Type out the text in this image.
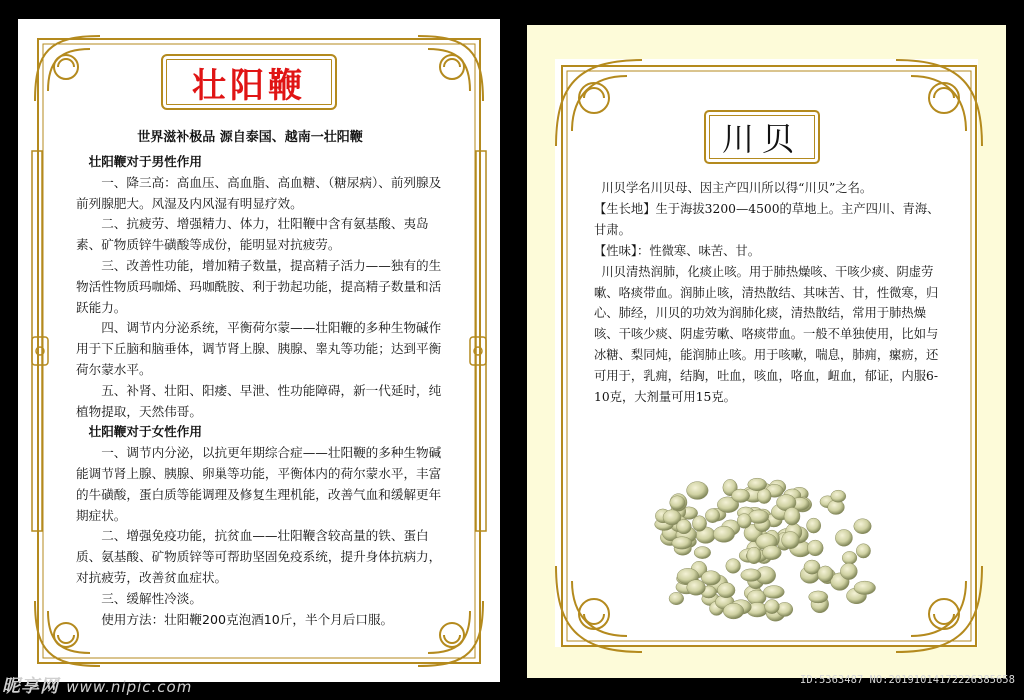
壮阳鞭
世界滋补极品 源自泰国、越南一壮阳鞭

壮阳鞭对于男性作用

一、降三高：高血压、高血脂、高血糖、（糖尿病）、前列腺及前列腺肥大。风湿及内风湿有明显疗效。

二、抗疲劳、增强精力、体力，壮阳鞭中含有氨基酸、夷岛素、矿物质锌牛磺酸等成份，能明显对抗疲劳。

三、改善性功能，增加精子数量，提高精子活力——独有的生物活性物质玛咖烯、玛咖酰胺、利于勃起功能，提高精子数量和活跃能力。

四、调节内分泌系统，平衡荷尔蒙——壮阳鞭的多种生物碱作用于下丘脑和脑垂体，调节肾上腺、胰腺、睾丸等功能；达到平衡荷尔蒙水平。

五、补肾、壮阳、阳痿、早泄、性功能障碍，新一代延时，纯植物提取，天然伟哥。

壮阳鞭对于女性作用

一、调节内分泌，以抗更年期综合症——壮阳鞭的多种生物碱能调节肾上腺、胰腺、卵巢等功能，平衡体内的荷尔蒙水平，丰富的牛磺酸，蛋白质等能调理及修复生理机能，改善气血和缓解更年期症状。

二、增强免疫功能，抗贫血——壮阳鞭含较高量的铁、蛋白质、氨基酸、矿物质锌等可帮助坚固免疫系统，提升身体抗病力，对抗疲劳，改善贫血症状。

三、缓解性冷淡。

使用方法：壮阳鞭200克泡酒10斤，半个月后口服。

川贝

川贝学名川贝母、因主产四川所以得“川贝”之名。

【生长地】生于海拔3200—4500的草地上。主产四川、青海、甘肃。

【性味】：性微寒、味苦、甘。

川贝清热润肺，化痰止咳。用于肺热燥咳、干咳少痰、阴虚劳嗽、咯痰带血。润肺止咳，清热散结、其味苦、甘，性微寒，归心、肺经，川贝的功效为润肺化痰，清热散结，常用于肺热燥咳、干咳少痰、阴虚劳嗽、咯痰带血。一般不单独使用，比如与冰糖、梨同炖，能润肺止咳。用于咳嗽，喘息，肺痈，瘰疬，还可用于，乳痈，结胸，吐血，咳血，咯血，衄血，郁证，内服6-10克，大剂量可用15克。

昵享网 www.nipic.com	ID:5363487 NO:20191014172226385658
